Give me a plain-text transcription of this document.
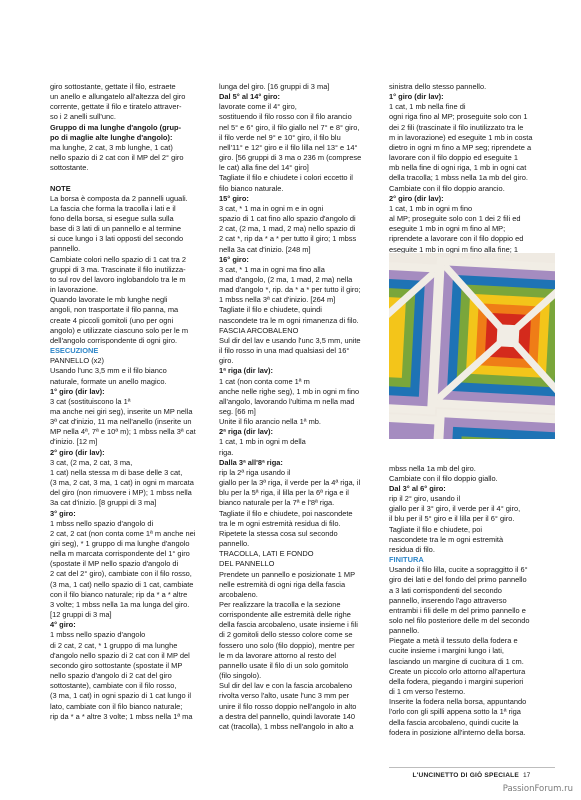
giro sottostante, gettate il filo, estraete
un anello e allungatelo all'altezza del giro
corrente, gettate il filo e tiratelo attraver-
so i 2 anelli sull'unc.

Gruppo di ma lunghe d'angolo (grup-
po di maglie alte lunghe d'angolo):

ma lunghe, 2 cat, 3 mb lunghe, 1 cat)
nello spazio di 2 cat con il MP del 2° giro
sottostante.

NOTE

La borsa è composta da 2 pannelli uguali.
La fascia che forma la tracolla i lati e il
fono della borsa, si esegue sulla sulla
base di 3 lati di un pannello e al termine
si cuce lungo i 3 lati opposti del secondo
pannello.
Cambiate colori nello spazio di 1 cat tra 2
gruppi di 3 ma. Trascinate il filo inutilizza-
to sul rov del lavoro inglobandolo tra le m
in lavorazione.
Quando lavorate le mb lunghe negli
angoli, non trasportate il filo panna, ma
create 4 piccoli gomitoli (uno per ogni
angolo) e utilizzate ciascuno solo per le m
dell'angolo corrispondente di ogni giro.

ESECUZIONE

PANNELLO (x2)
Usando l'unc 3,5 mm e il filo bianco
naturale, formate un anello magico.

1° giro (dir lav):

3 cat (sostituiscono la 1ª
ma anche nei giri seg), inserite un MP nella
3ª cat d'inizio, 11 ma nell'anello (inserite un
MP nella 4ª, 7ª e 10ª m); 1 mbss nella 3ª cat
d'inizio. [12 m]

2° giro (dir lav):

3 cat, (2 ma, 2 cat, 3 ma,
1 cat) nella stessa m di base delle 3 cat,
(3 ma, 2 cat, 3 ma, 1 cat) in ogni m marcata
del giro (non rimuovere i MP); 1 mbss nella
3a cat d'inizio. [8 gruppi di 3 ma]

3° giro:

1 mbss nello spazio d'angolo di
2 cat, 2 cat (non conta come 1ª m anche nei
giri seg), * 1 gruppo di ma lunghe d'angolo
nella m marcata corrispondente del 1° giro
(spostate il MP nello spazio d'angolo di
2 cat del 2° giro), cambiate con il filo rosso,
(3 ma, 1 cat) nello spazio di 1 cat, cambiate
con il filo bianco naturale; rip da * a * altre
3 volte; 1 mbss nella 1a ma lunga del giro.
[12 gruppi di 3 ma]

4° giro:

1 mbss nello spazio d'angolo
di 2 cat, 2 cat, * 1 gruppo di ma lunghe
d'angolo nello spazio di 2 cat con il MP del
secondo giro sottostante (spostate il MP
nello spazio d'angolo di 2 cat del giro
sottostante), cambiate con il filo rosso,
(3 ma, 1 cat) in ogni spazio di 1 cat lungo il
lato, cambiate con il filo bianco naturale;
rip da * a * altre 3 volte; 1 mbss nella 1ª ma

lunga del giro. [16 gruppi di 3 ma]

Dal 5° al 14° giro:

lavorate come il 4° giro,
sostituendo il filo rosso con il filo arancio
nel 5° e 6° giro, il filo giallo nel 7° e 8° giro,
il filo verde nel 9° e 10° giro, il filo blu
nell'11° e 12° giro e il filo lilla nel 13° e 14°
giro. [56 gruppi di 3 ma o 236 m (comprese
le cat) alla fine del 14° giro]
Tagliate il filo e chiudete i colori eccetto il
filo bianco naturale.

15° giro:

3 cat, * 1 ma in ogni m e in ogni
spazio di 1 cat fino allo spazio d'angolo di
2 cat, (2 ma, 1 mad, 2 ma) nello spazio di
2 cat *, rip da * a * per tutto il giro; 1 mbss
nella 3a cat d'inizio. [248 m]

16° giro:

3 cat, * 1 ma in ogni ma fino alla
mad d'angolo, (2 ma, 1 mad, 2 ma) nella
mad d'angolo *, rip. da * a * per tutto il giro;
1 mbss nella 3ª cat d'inizio. [264 m]
Tagliate il filo e chiudete, quindi
nascondete tra le m ogni rimanenza di filo.

FASCIA ARCOBALENO

Sul dir del lav e usando l'unc 3,5 mm, unite
il filo rosso in una mad qualsiasi del 16°
giro.

1ª riga (dir lav):

1 cat (non conta come 1ª m
anche nelle righe seg), 1 mb in ogni m fino
all'angolo, lavorando l'ultima m nella mad
seg. [66 m]
Unite il filo arancio nella 1ª mb.

2ª riga (dir lav):

1 cat, 1 mb in ogni m della
riga.

Dalla 3ª all'8ª riga:

rip la 2ª riga usando il
giallo per la 3ª riga, il verde per la 4ª riga, il
blu per la 5ª riga, il lilla per la 6ª riga e il
bianco naturale per la 7ª e l'8ª riga.
Tagliate il filo e chiudete, poi nascondete
tra le m ogni estremità residua di filo.
Ripetete la stessa cosa sul secondo
pannello.

TRACOLLA, LATI E FONDO
DEL PANNELLO

Prendete un pannello e posizionate 1 MP
nelle estremità di ogni riga della fascia
arcobaleno.
Per realizzare la tracolla e la sezione
corrispondente alle estremità delle righe
della fascia arcobaleno, usate insieme i fili
di 2 gomitoli dello stesso colore come se
fossero uno solo (filo doppio), mentre per
le m da lavorare attorno al resto del
pannello usate il filo di un solo gomitolo
(filo singolo).
Sul dir del lav e con la fascia arcobaleno
rivolta verso l'alto, usate l'unc 3 mm per
unire il filo rosso doppio nell'angolo in alto
a destra del pannello, quindi lavorate 140
cat (tracolla), 1 mbss nell'angolo in alto a

sinistra dello stesso pannello.

1° giro (dir lav):

1 cat, 1 mb nella fine di
ogni riga fino al MP; proseguite solo con 1
dei 2 fili (trascinate il filo inutilizzato tra le
m in lavorazione) ed eseguite 1 mb in costa
dietro in ogni m fino a MP seg; riprendete a
lavorare con il filo doppio ed eseguite 1
mb nella fine di ogni riga, 1 mb in ogni cat
della tracolla; 1 mbss nella 1a mb del giro.
Cambiate con il filo doppio arancio.

2° giro (dir lav):

1 cat, 1 mb in ogni m fino
al MP; proseguite solo con 1 dei 2 fili ed
eseguite 1 mb in ogni m fino al MP;
riprendete a lavorare con il filo doppio ed
eseguite 1 mb in ogni m fino alla fine; 1

mbss nella 1a mb del giro.
Cambiate con il filo doppio giallo.

Dal 3° al 6° giro:

rip il 2° giro, usando il
giallo per il 3° giro, il verde per il 4° giro,
il blu per il 5° giro e il lilla per il 6° giro.
Tagliate il filo e chiudete, poi
nascondete tra le m ogni estremità
residua di filo.

FINITURA

Usando il filo lilla, cucite a sopraggitto il 6°
giro dei lati e del fondo del primo pannello
a 3 lati corrispondenti del secondo
pannello, inserendo l'ago attraverso
entrambi i fili delle m del primo pannello e
solo nel filo posteriore delle m del secondo
pannello.
Piegate a metà il tessuto della fodera e
cucite insieme i margini lungo i lati,
lasciando un margine di cucitura di 1 cm.
Create un piccolo orlo attorno all'apertura
della fodera, piegando i margini superiori
di 1 cm verso l'esterno.
Inserite la fodera nella borsa, appuntando
l'orlo con gli spilli appena sotto la 1ª riga
della fascia arcobaleno, quindi cucite la
fodera in posizione all'interno della borsa.

L'UNCINETTO DI GIÒ SPECIALE 17
PassionForum.ru
